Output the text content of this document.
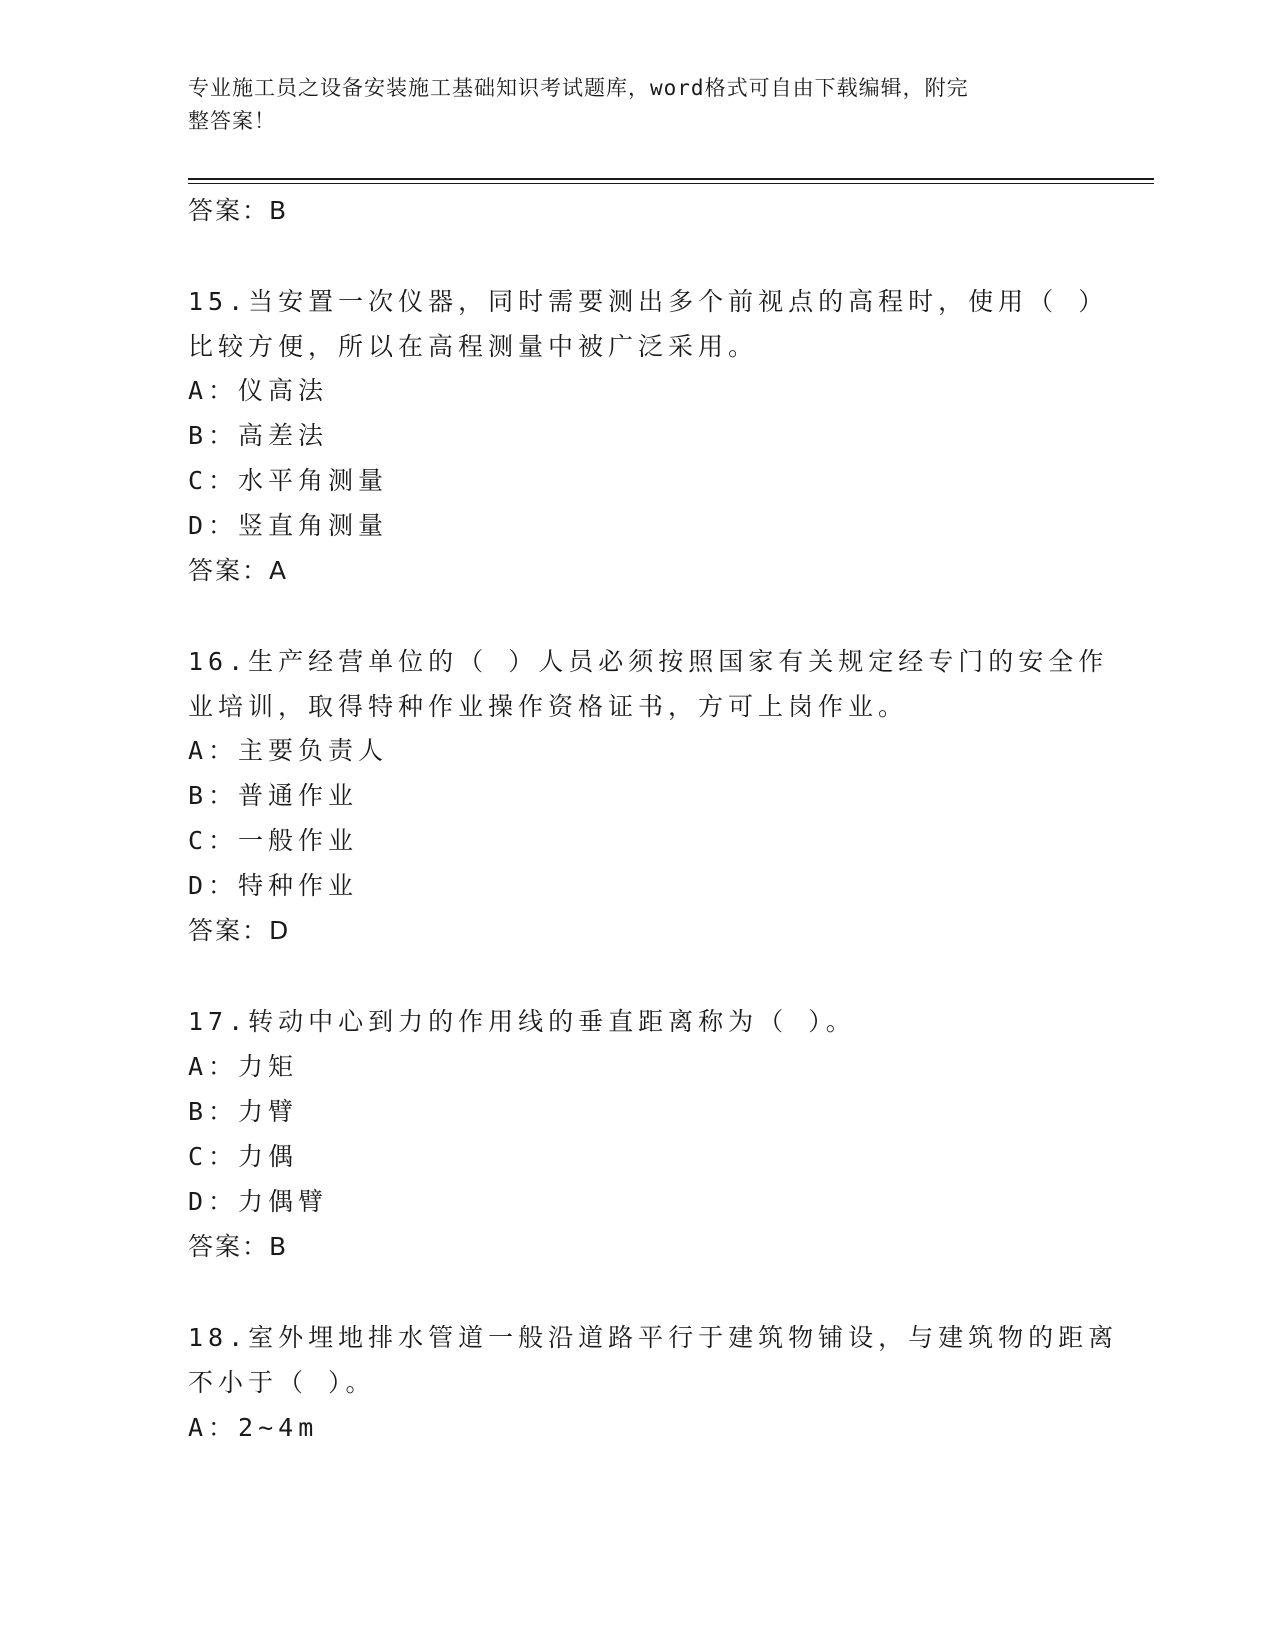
专业施工员之设备安装施工基础知识考试题库，word格式可自由下载编辑，附完
整答案！
答案：B
15.当安置一次仪器，同时需要测出多个前视点的高程时，使用（ ）
比较方便，所以在高程测量中被广泛采用。
A：仪高法
B：高差法
C：水平角测量
D：竖直角测量
答案：A
16.生产经营单位的（ ）人员必须按照国家有关规定经专门的安全作
业培训，取得特种作业操作资格证书，方可上岗作业。
A：主要负责人
B：普通作业
C：一般作业
D：特种作业
答案：D
17.转动中心到力的作用线的垂直距离称为（ ）。
A：力矩
B：力臂
C：力偶
D：力偶臂
答案：B
18.室外埋地排水管道一般沿道路平行于建筑物铺设，与建筑物的距离
不小于（ ）。
A：2~4m
